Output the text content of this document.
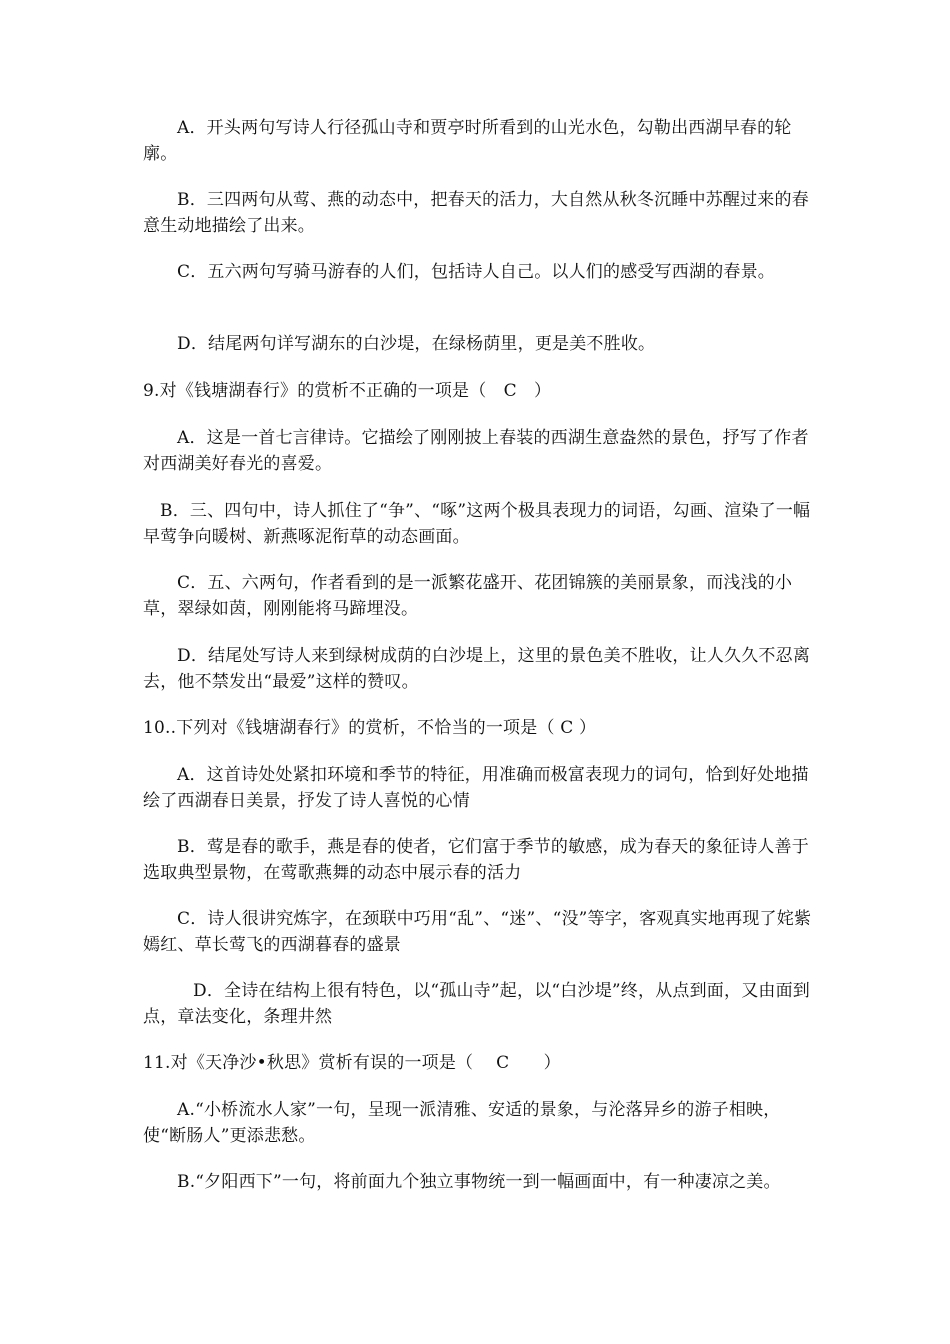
A．开头两句写诗人行径孤山寺和贾亭时所看到的山光水色，勾勒出西湖早春的轮廓。

B．三四两句从莺、燕的动态中，把春天的活力，大自然从秋冬沉睡中苏醒过来的春意生动地描绘了出来。

C．五六两句写骑马游春的人们，包括诗人自己。以人们的感受写西湖的春景。

D．结尾两句详写湖东的白沙堤，在绿杨荫里，更是美不胜收。

9.对《钱塘湖春行》的赏析不正确的一项是（　C　）

A．这是一首七言律诗。它描绘了刚刚披上春装的西湖生意盎然的景色，抒写了作者对西湖美好春光的喜爱。

B．三、四句中，诗人抓住了“争”、“啄”这两个极具表现力的词语，勾画、渲染了一幅早莺争向暖树、新燕啄泥衔草的动态画面。

C．五、六两句，作者看到的是一派繁花盛开、花团锦簇的美丽景象，而浅浅的小草，翠绿如茵，刚刚能将马蹄埋没。

D．结尾处写诗人来到绿树成荫的白沙堤上，这里的景色美不胜收，让人久久不忍离去，他不禁发出“最爱”这样的赞叹。

10..下列对《钱塘湖春行》的赏析，不恰当的一项是（ C ）

A．这首诗处处紧扣环境和季节的特征，用准确而极富表现力的词句，恰到好处地描绘了西湖春日美景，抒发了诗人喜悦的心情

B．莺是春的歌手，燕是春的使者，它们富于季节的敏感，成为春天的象征诗人善于选取典型景物，在莺歌燕舞的动态中展示春的活力

C．诗人很讲究炼字，在颈联中巧用“乱”、“迷”、“没”等字，客观真实地再现了姹紫嫣红、草长莺飞的西湖暮春的盛景

D．全诗在结构上很有特色，以“孤山寺”起，以“白沙堤”终，从点到面，又由面到点，章法变化，条理井然

11.对《天净沙•秋思》赏析有误的一项是（　 C　　）

A.“小桥流水人家”一句，呈现一派清雅、安适的景象，与沦落异乡的游子相映，使“断肠人”更添悲愁。

B.“夕阳西下”一句，将前面九个独立事物统一到一幅画面中，有一种凄凉之美。
